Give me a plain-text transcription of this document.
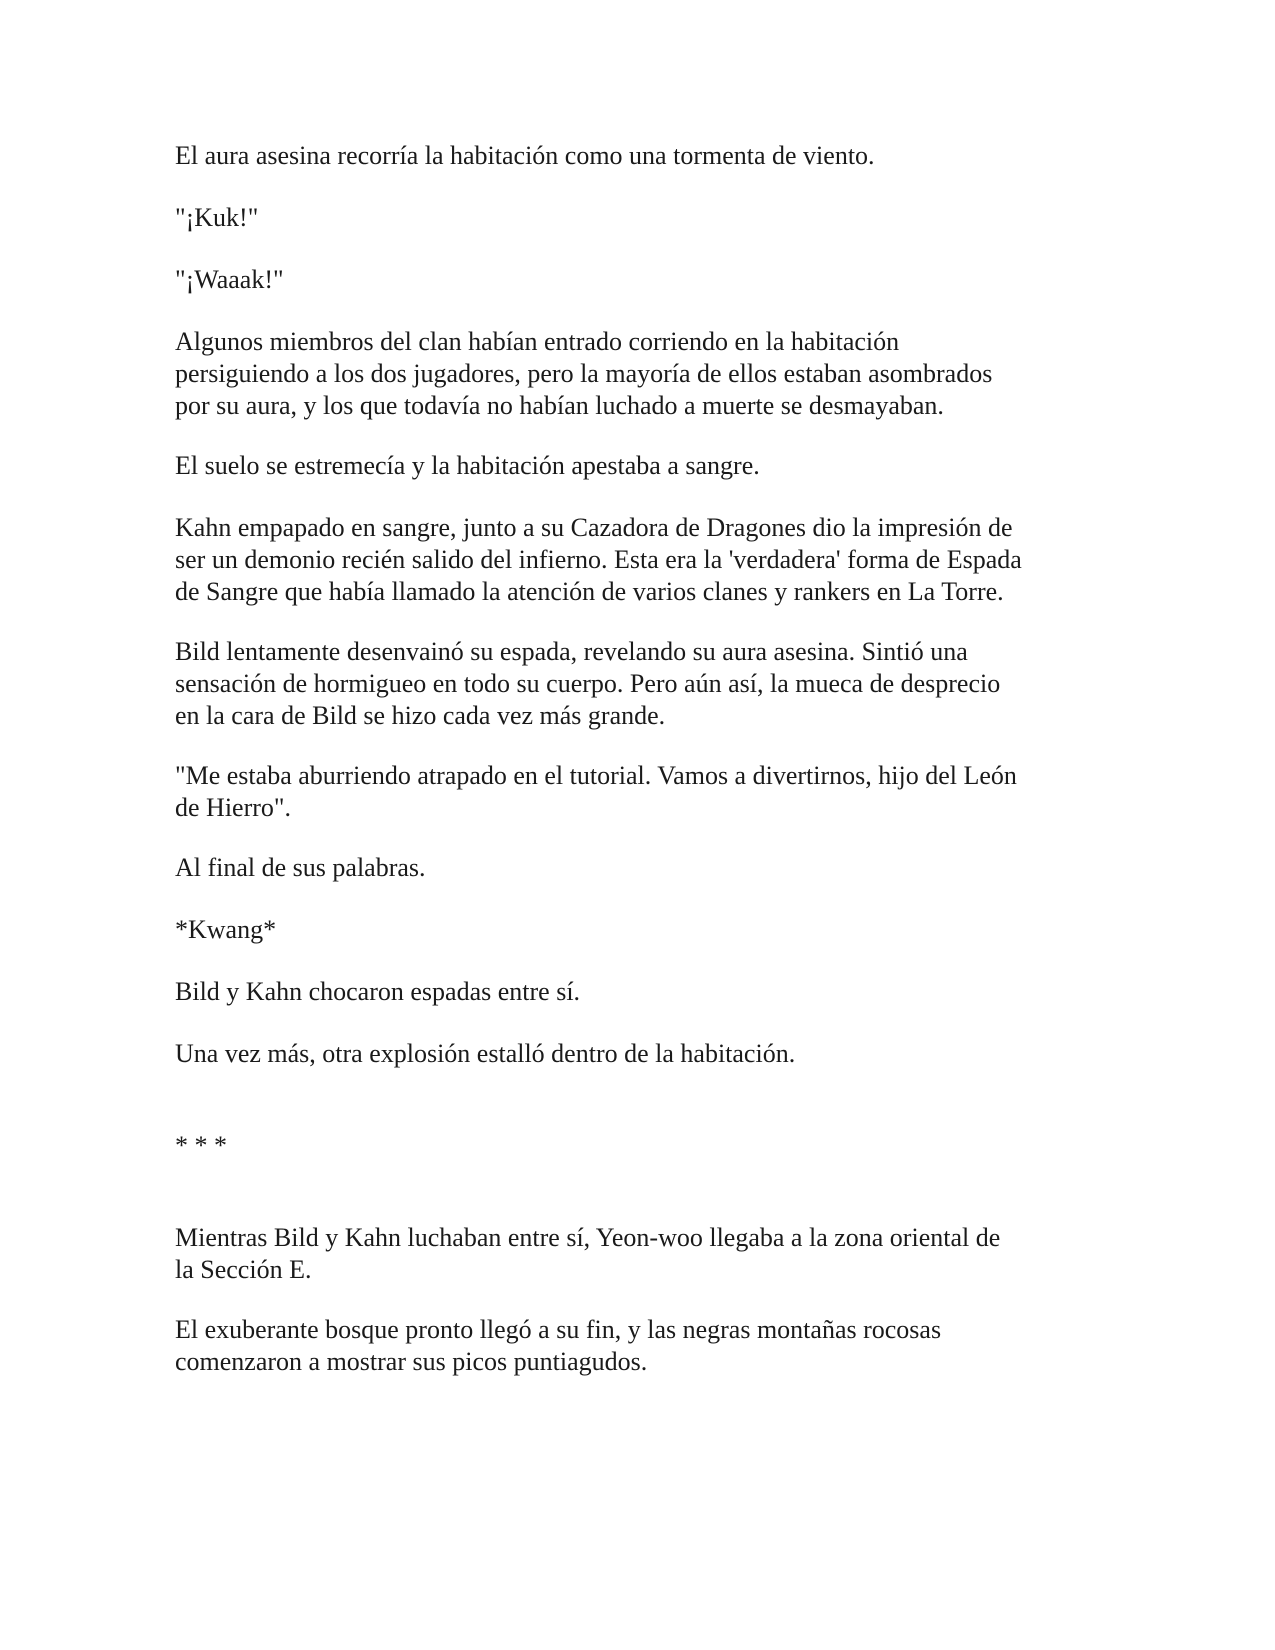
El aura asesina recorría la habitación como una tormenta de viento.

"¡Kuk!"

"¡Waaak!"

Algunos miembros del clan habían entrado corriendo en la habitación
persiguiendo a los dos jugadores, pero la mayoría de ellos estaban asombrados
por su aura, y los que todavía no habían luchado a muerte se desmayaban.

El suelo se estremecía y la habitación apestaba a sangre.

Kahn empapado en sangre, junto a su Cazadora de Dragones dio la impresión de
ser un demonio recién salido del infierno. Esta era la 'verdadera' forma de Espada
de Sangre que había llamado la atención de varios clanes y rankers en La Torre.

Bild lentamente desenvainó su espada, revelando su aura asesina. Sintió una
sensación de hormigueo en todo su cuerpo. Pero aún así, la mueca de desprecio
en la cara de Bild se hizo cada vez más grande.

"Me estaba aburriendo atrapado en el tutorial. Vamos a divertirnos, hijo del León
de Hierro".

Al final de sus palabras.

*Kwang*

Bild y Kahn chocaron espadas entre sí.

Una vez más, otra explosión estalló dentro de la habitación.

* * *

Mientras Bild y Kahn luchaban entre sí, Yeon-woo llegaba a la zona oriental de
la Sección E.

El exuberante bosque pronto llegó a su fin, y las negras montañas rocosas
comenzaron a mostrar sus picos puntiagudos.
